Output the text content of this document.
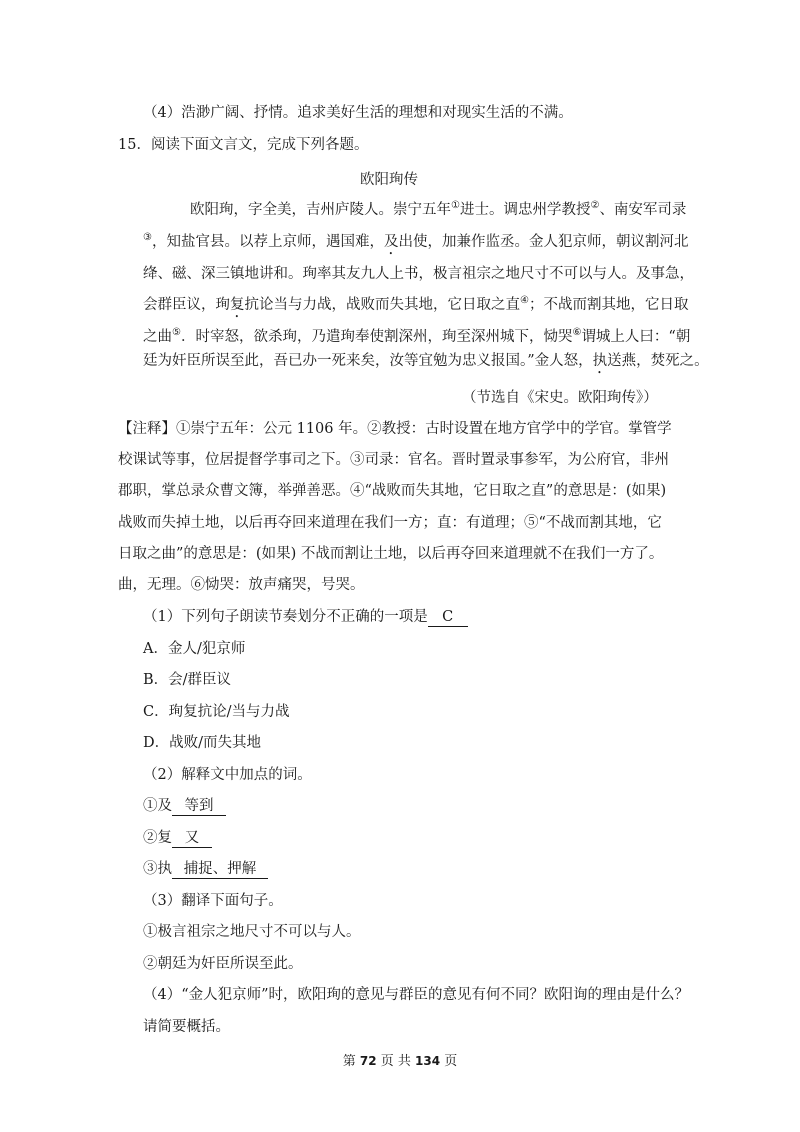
（4）浩渺广阔、抒情。追求美好生活的理想和对现实生活的不满。
15．阅读下面文言文，完成下列各题。
欧阳珣传
欧阳珣，字全美，吉州庐陵人。崇宁五年①进士。调忠州学教授②、南安军司录
③，知盐官县。以荐上京师，遇国难，及出使，加兼作监丞。金人犯京师，朝议割河北
绛、磁、深三镇地讲和。珣率其友九人上书，极言祖宗之地尺寸不可以与人。及事急，
会群臣议，珣复抗论当与力战，战败而失其地，它日取之直④；不战而割其地，它日取
之曲⑤．时宰怒，欲杀珣，乃遣珣奉使割深州，珣至深州城下，恸哭⑥谓城上人曰：“朝
廷为奸臣所误至此，吾已办一死来矣，汝等宜勉为忠义报国。”金人怒，执送燕，焚死之。
（节选自《宋史。欧阳珣传》）
【注释】①崇宁五年：公元 1106 年。②教授：古时设置在地方官学中的学官。掌管学
校课试等事，位居提督学事司之下。③司录：官名。晋时置录事参军，为公府官，非州
郡职，掌总录众曹文簿，举弹善恶。④“战败而失其地，它日取之直”的意思是：(如果)
战败而失掉土地，以后再夺回来道理在我们一方；直：有道理；⑤“不战而割其地，它
日取之曲”的意思是：(如果) 不战而割让土地，以后再夺回来道理就不在我们一方了。
曲，无理。⑥恸哭：放声痛哭，号哭。
（1）下列句子朗读节奏划分不正确的一项是 C
A．金人/犯京师
B．会/群臣议
C．珣复抗论/当与力战
D．战败/而失其地
（2）解释文中加点的词。
①及 等到
②复 又
③执 捕捉、押解
（3）翻译下面句子。
①极言祖宗之地尺寸不可以与人。
②朝廷为奸臣所误至此。
（4）“金人犯京师”时，欧阳珣的意见与群臣的意见有何不同？欧阳询的理由是什么？
请简要概括。
第 72 页 共 134 页
